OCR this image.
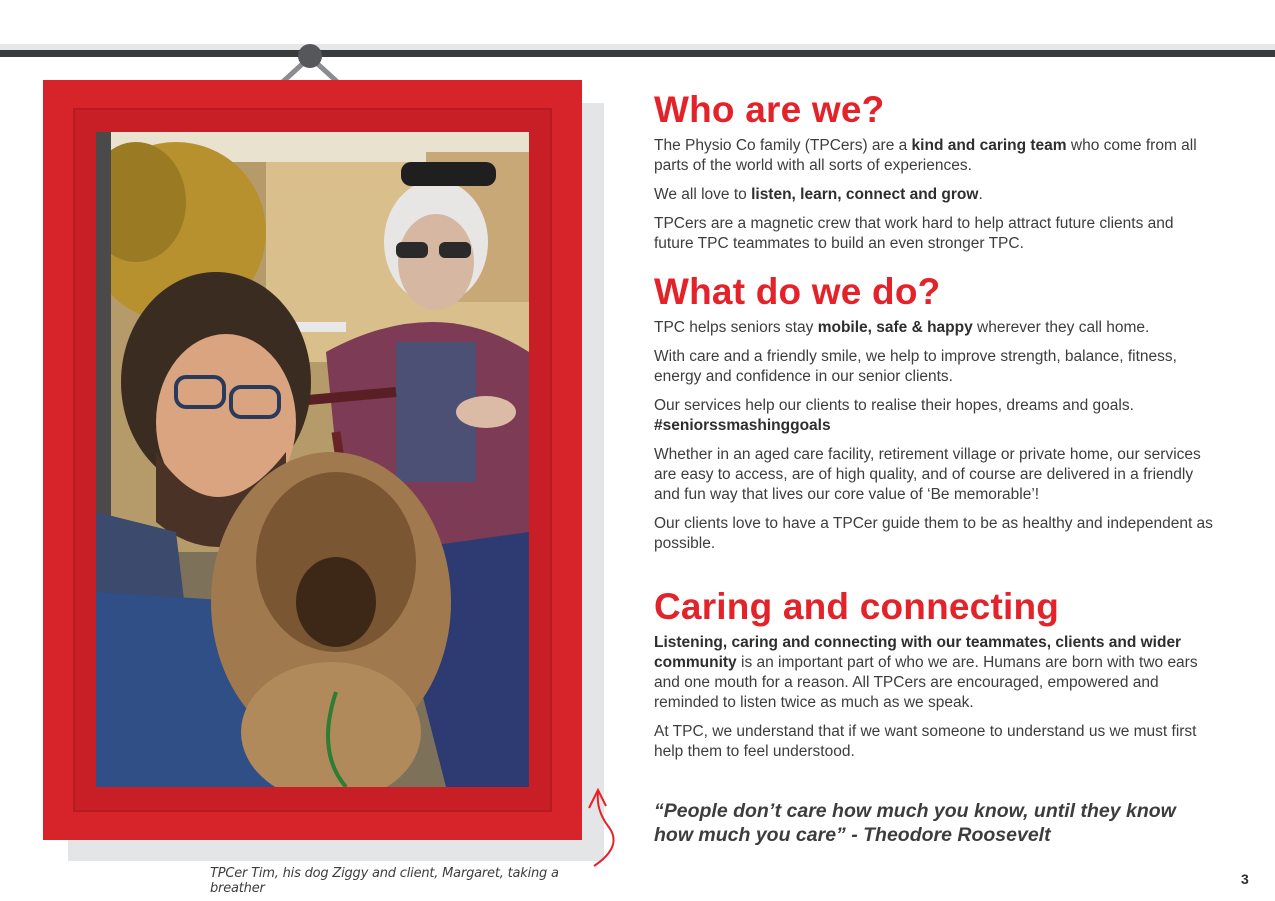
TPCer Tim, his dog Ziggy and client, Margaret, taking a breather
Who are we?

The Physio Co family (TPCers) are a kind and caring team who come from all parts of the world with all sorts of experiences.

We all love to listen, learn, connect and grow.

TPCers are a magnetic crew that work hard to help attract future clients and future TPC teammates to build an even stronger TPC.

What do we do?

TPC helps seniors stay mobile, safe & happy wherever they call home.

With care and a friendly smile, we help to improve strength, balance, fitness, energy and confidence in our senior clients.

Our services help our clients to realise their hopes, dreams and goals. #seniorssmashinggoals

Whether in an aged care facility, retirement village or private home, our services are easy to access, are of high quality, and of course are delivered in a friendly and fun way that lives our core value of ‘Be memorable’!

Our clients love to have a TPCer guide them to be as healthy and independent as possible.

Caring and connecting

Listening, caring and connecting with our teammates, clients and wider community is an important part of who we are. Humans are born with two ears and one mouth for a reason. All TPCers are encouraged, empowered and reminded to listen twice as much as we speak.

At TPC, we understand that if we want someone to understand us we must first help them to feel understood.

“People don’t care how much you know, until they know how much you care” - Theodore Roosevelt
3
